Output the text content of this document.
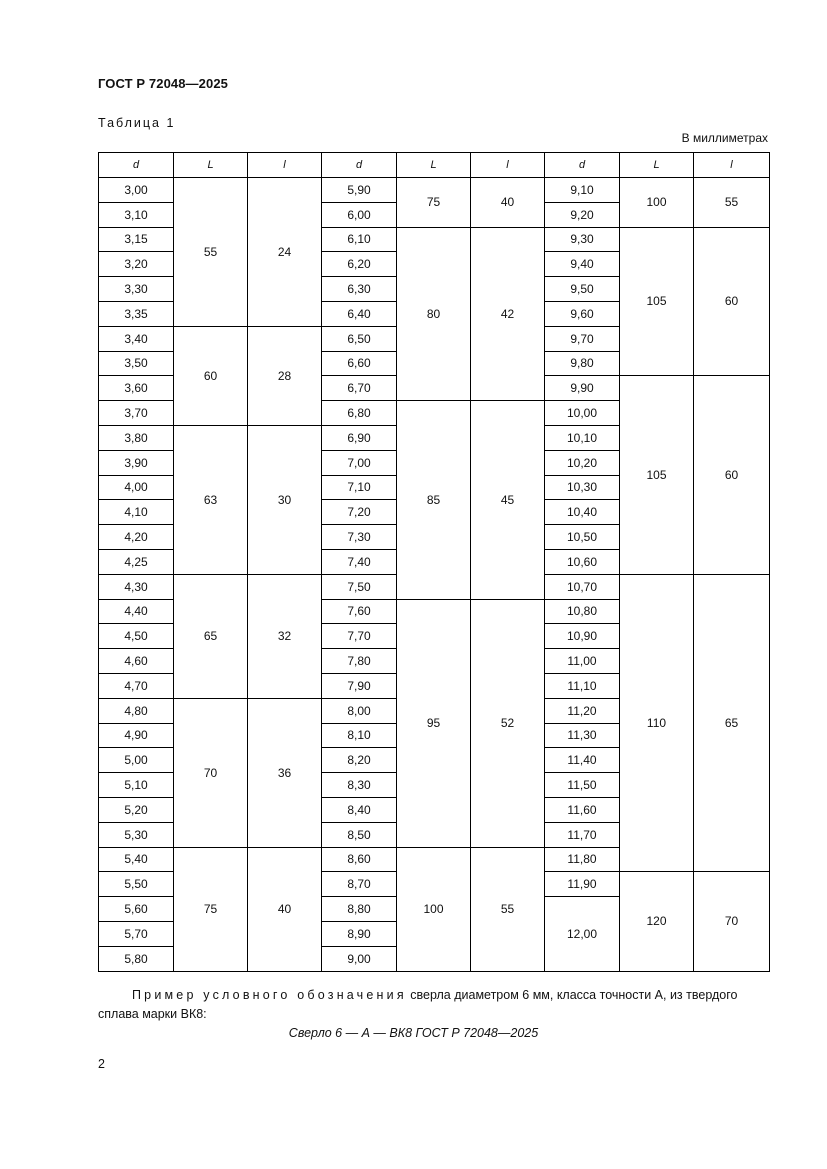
ГОСТ Р 72048—2025
Таблица 1
В миллиметрах
d	L	l	d	L	l	d	L	l
3,00	55	24	5,90	75	40	9,10	100	55
3,10			6,00			9,20		
3,15			6,10	80	42	9,30	105	60
3,20			6,20			9,40		
3,30			6,30			9,50		
3,35			6,40			9,60		
3,40	60	28	6,50			9,70		
3,50			6,60			9,80		
3,60			6,70			9,90	105	60
3,70			6,80	85	45	10,00		
3,80	63	30	6,90			10,10		
3,90			7,00			10,20		
4,00			7,10			10,30		
4,10			7,20			10,40		
4,20			7,30			10,50		
4,25			7,40			10,60		
4,30	65	32	7,50			10,70	110	65
4,40			7,60	95	52	10,80		
4,50			7,70			10,90		
4,60			7,80			11,00		
4,70			7,90			11,10		
4,80	70	36	8,00			11,20		
4,90			8,10			11,30		
5,00			8,20			11,40		
5,10			8,30			11,50		
5,20			8,40			11,60		
5,30			8,50			11,70		
5,40	75	40	8,60	100	55	11,80		
5,50			8,70			11,90	120	70
5,60			8,80			12,00		
5,70			8,90					
5,80			9,00					
Пример условного обозначения сверла диаметром 6 мм, класса точности А, из твердого сплава марки ВК8:
Сверло 6 — А — ВК8 ГОСТ Р 72048—2025
2
